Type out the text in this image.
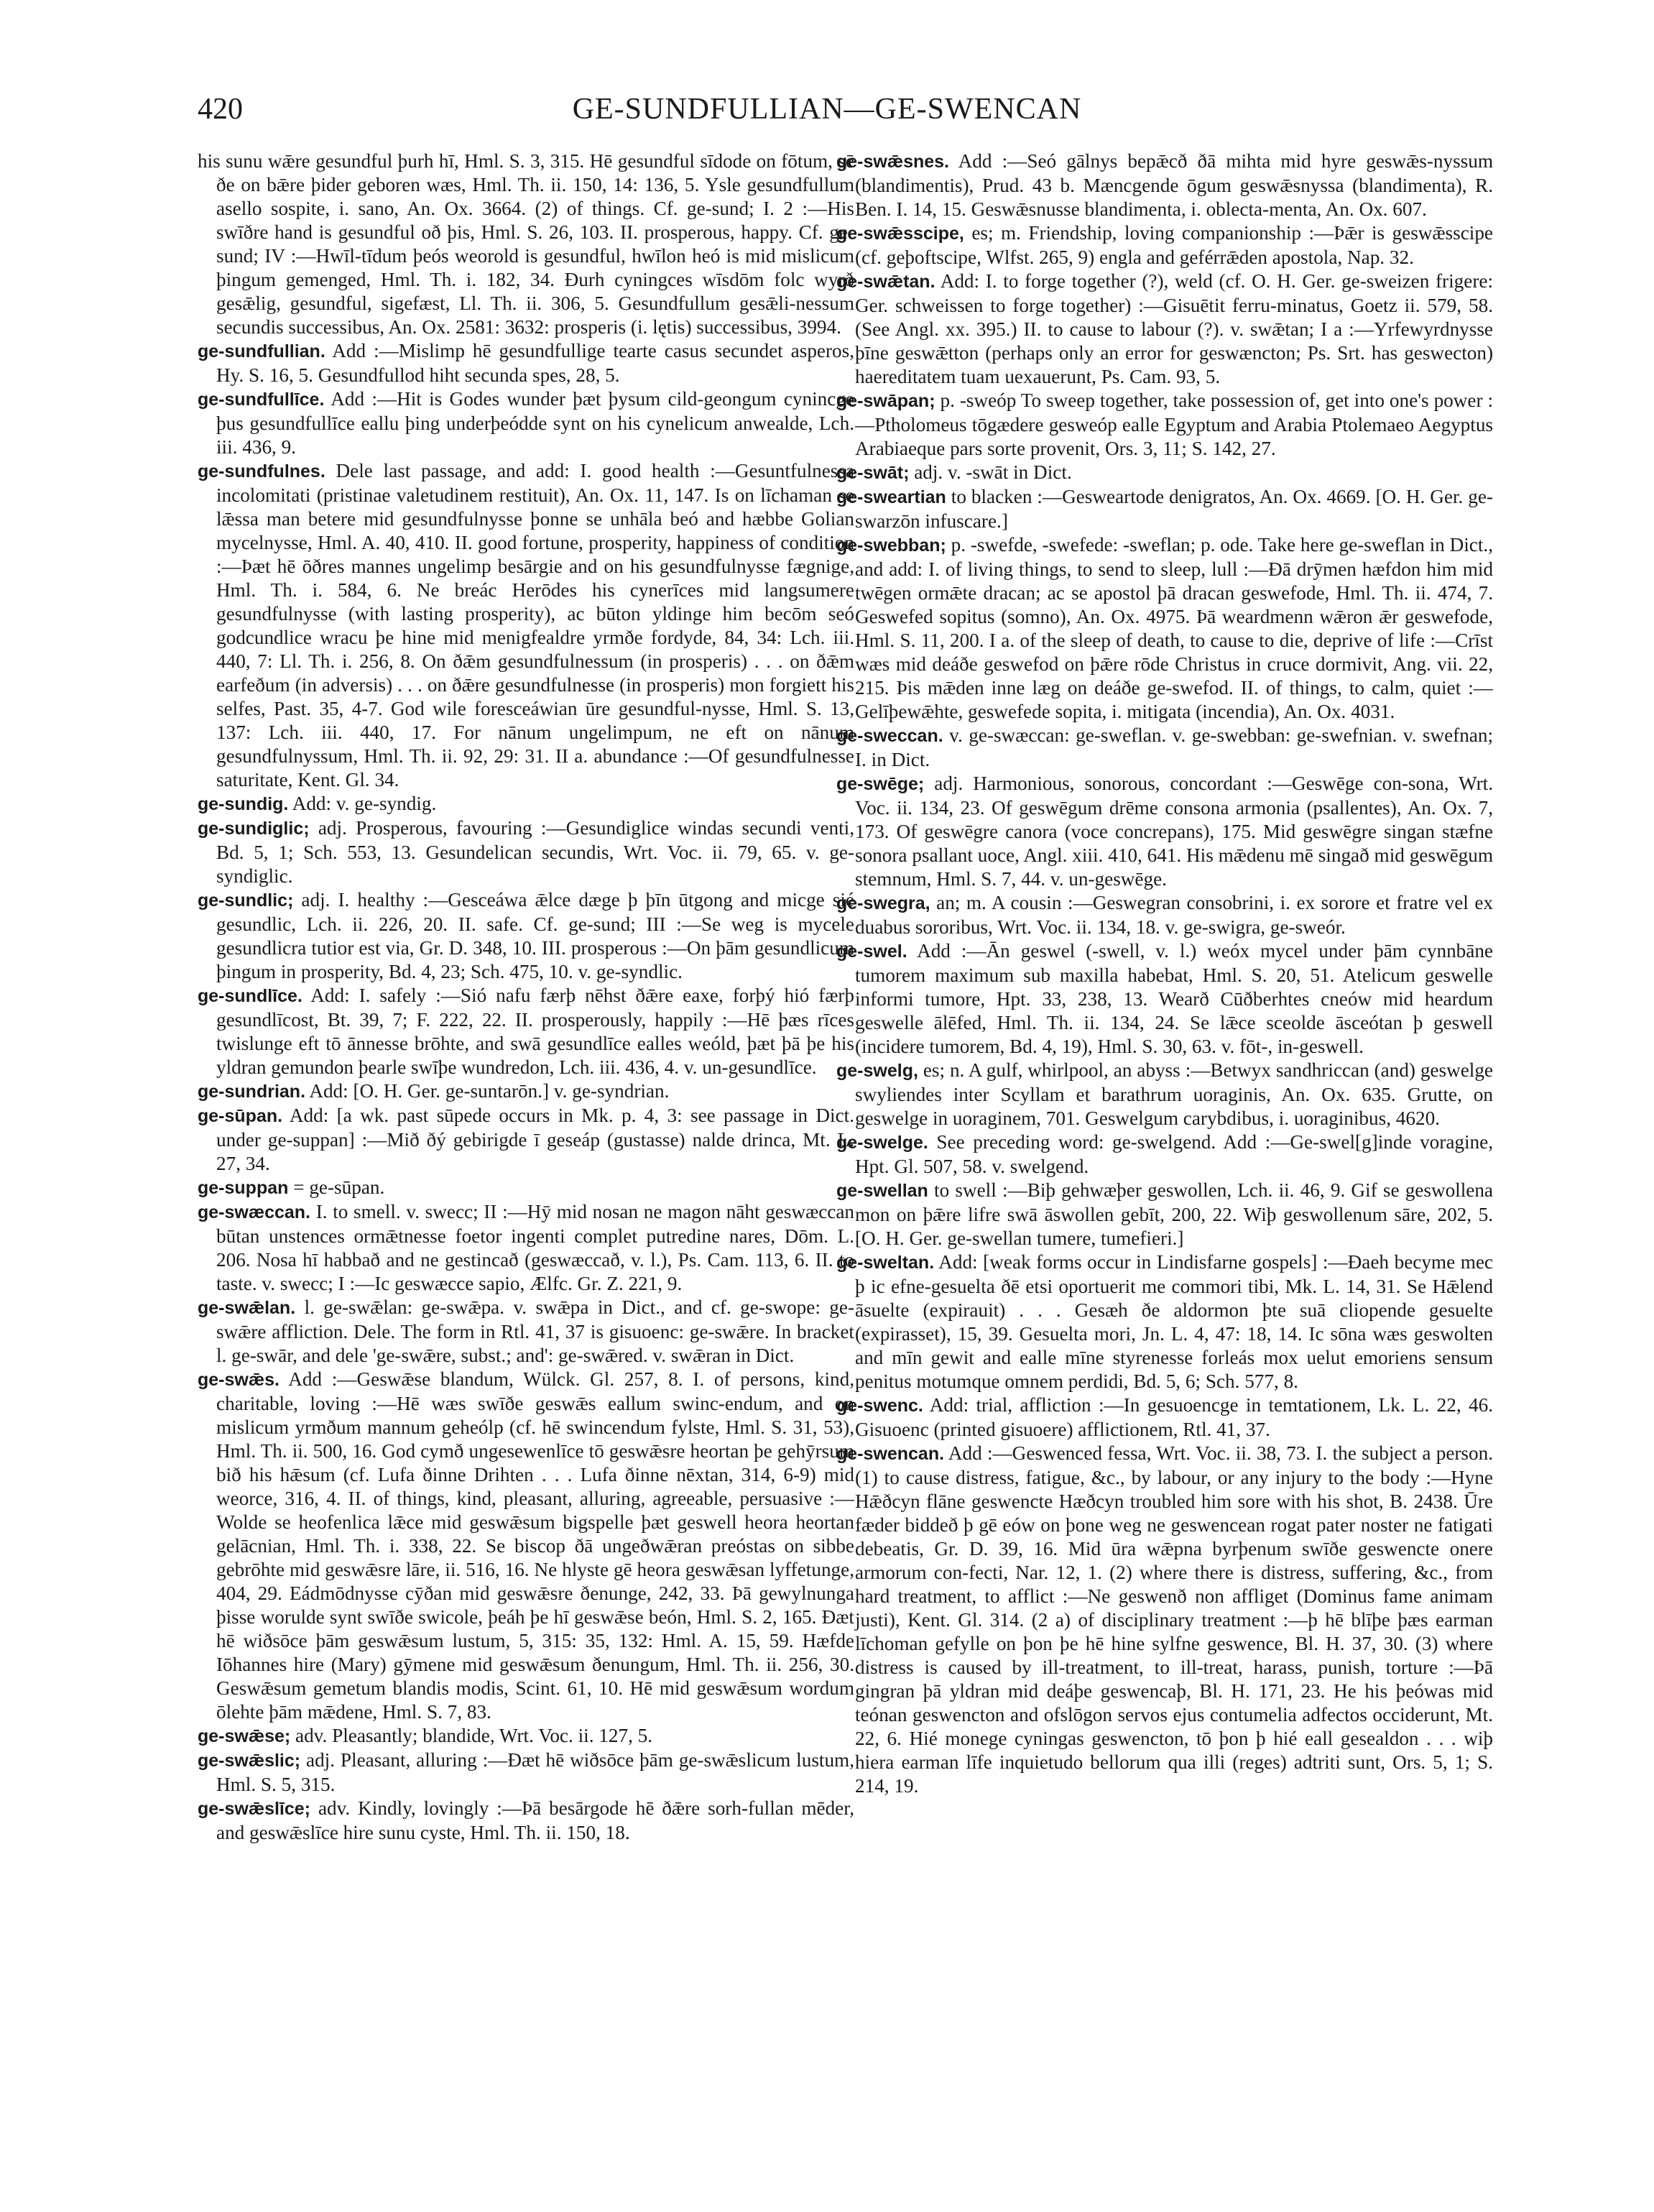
420	GE-SUNDFULLIAN—GE-SWENCAN

his sunu wǣre gesundful þurh hī, Hml. S. 3, 315. Hē gesundful sīdode on fōtum, sē ðe on bǣre þider geboren wæs, Hml. Th. ii. 150, 14: 136, 5. Ysle gesundfullum asello sospite, i. sano, An. Ox. 3664. (2) of things. Cf. ge-sund; I. 2 :—His swīðre hand is gesundful oð þis, Hml. S. 26, 103. II. prosperous, happy. Cf. ge-sund; IV :—Hwīl-tīdum þeós weorold is gesundful, hwīlon heó is mid mislicum þingum gemenged, Hml. Th. i. 182, 34. Ðurh cyningces wīsdōm folc wyrð gesǣlig, gesundful, sigefæst, Ll. Th. ii. 306, 5. Gesundfullum gesǣli-nessum secundis successibus, An. Ox. 2581: 3632: prosperis (i. lętis) successibus, 3994.

ge-sundfullian. Add :—Mislimp hē gesundfullige tearte casus secundet asperos, Hy. S. 16, 5. Gesundfullod hiht secunda spes, 28, 5.

ge-sundfullīce. Add :—Hit is Godes wunder þæt þysum cild-geongum cynincge þus gesundfullīce eallu þing underþeódde synt on his cynelicum anwealde, Lch. iii. 436, 9.

ge-sundfulnes. Dele last passage, and add: I. good health :—Gesuntfulnessa incolomitati (pristinae valetudinem restituit), An. Ox. 11, 147. Is on līchaman se lǣssa man betere mid gesundfulnysse þonne se unhāla beó and hæbbe Golian mycelnysse, Hml. A. 40, 410. II. good fortune, prosperity, happiness of condition :—Þæt hē ōðres mannes ungelimp besārgie and on his gesundfulnysse fægnige, Hml. Th. i. 584, 6. Ne breác Herōdes his cynerīces mid langsumere gesundfulnysse (with lasting prosperity), ac būton yldinge him becōm seó godcundlice wracu þe hine mid menigfealdre yrmðe fordyde, 84, 34: Lch. iii. 440, 7: Ll. Th. i. 256, 8. On ðǣm gesundfulnessum (in prosperis) . . . on ðǣm earfeðum (in adversis) . . . on ðǣre gesundfulnesse (in prosperis) mon forgiett his selfes, Past. 35, 4-7. God wile foresceáwian ūre gesundful-nysse, Hml. S. 13, 137: Lch. iii. 440, 17. For nānum ungelimpum, ne eft on nānum gesundfulnyssum, Hml. Th. ii. 92, 29: 31. II a. abundance :—Of gesundfulnesse saturitate, Kent. Gl. 34.

ge-sundig. Add: v. ge-syndig.

ge-sundiglic; adj. Prosperous, favouring :—Gesundiglice windas secundi venti, Bd. 5, 1; Sch. 553, 13. Gesundelican secundis, Wrt. Voc. ii. 79, 65. v. ge-syndiglic.

ge-sundlic; adj. I. healthy :—Gesceáwa ǣlce dæge þ þīn ūtgong and micge sié gesundlic, Lch. ii. 226, 20. II. safe. Cf. ge-sund; III :—Se weg is mycele gesundlicra tutior est via, Gr. D. 348, 10. III. prosperous :—On þām gesundlicum þingum in prosperity, Bd. 4, 23; Sch. 475, 10. v. ge-syndlic.

ge-sundlīce. Add: I. safely :—Sió nafu færþ nēhst ðǣre eaxe, forþý hió færþ gesundlīcost, Bt. 39, 7; F. 222, 22. II. prosperously, happily :—Hē þæs rīces twislunge eft tō ānnesse brōhte, and swā gesundlīce ealles weóld, þæt þā þe his yldran gemundon þearle swīþe wundredon, Lch. iii. 436, 4. v. un-gesundlīce.

ge-sundrian. Add: [O. H. Ger. ge-suntarōn.] v. ge-syndrian.

ge-sūpan. Add: [a wk. past sūpede occurs in Mk. p. 4, 3: see passage in Dict. under ge-suppan] :—Mið ðý gebirigde ī geseáp (gustasse) nalde drinca, Mt. L. 27, 34.

ge-suppan = ge-sūpan.

ge-swæccan. I. to smell. v. swecc; II :—Hȳ mid nosan ne magon nāht geswæccan būtan unstences ormǣtnesse foetor ingenti complet putredine nares, Dōm. L. 206. Nosa hī habbað and ne gestincað (geswæccað, v. l.), Ps. Cam. 113, 6. II. to taste. v. swecc; I :—Ic geswæcce sapio, Ælfc. Gr. Z. 221, 9.

ge-swǣlan. l. ge-swǣlan: ge-swǣpa. v. swǣpa in Dict., and cf. ge-swope: ge-swǣre affliction. Dele. The form in Rtl. 41, 37 is gisuoenc: ge-swǣre. In bracket l. ge-swār, and dele 'ge-swǣre, subst.; and': ge-swǣred. v. swǣran in Dict.

ge-swǣs. Add :—Geswǣse blandum, Wülck. Gl. 257, 8. I. of persons, kind, charitable, loving :—Hē wæs swīðe geswǣs eallum swinc-endum, and on mislicum yrmðum mannum geheólp (cf. hē swincendum fylste, Hml. S. 31, 53), Hml. Th. ii. 500, 16. God cymð ungesewenlīce tō geswǣsre heortan þe gehȳrsum bið his hǣsum (cf. Lufa ðinne Drihten . . . Lufa ðinne nēxtan, 314, 6-9) mid weorce, 316, 4. II. of things, kind, pleasant, alluring, agreeable, persuasive :—Wolde se heofenlica lǣce mid geswǣsum bigspelle þæt geswell heora heortan gelācnian, Hml. Th. i. 338, 22. Se biscop ðā ungeðwǣran preóstas on sibbe gebrōhte mid geswǣsre lāre, ii. 516, 16. Ne hlyste gē heora geswǣsan lyffetunge, 404, 29. Eádmōdnysse cȳðan mid geswǣsre ðenunge, 242, 33. Þā gewylnunga þisse worulde synt swīðe swicole, þeáh þe hī geswǣse beón, Hml. S. 2, 165. Ðæt hē wiðsōce þām geswǣsum lustum, 5, 315: 35, 132: Hml. A. 15, 59. Hæfde Iōhannes hire (Mary) gȳmene mid geswǣsum ðenungum, Hml. Th. ii. 256, 30. Geswǣsum gemetum blandis modis, Scint. 61, 10. Hē mid geswǣsum wordum ōlehte þām mǣdene, Hml. S. 7, 83.

ge-swǣse; adv. Pleasantly; blandide, Wrt. Voc. ii. 127, 5.

ge-swǣslic; adj. Pleasant, alluring :—Ðæt hē wiðsōce þām ge-swǣslicum lustum, Hml. S. 5, 315.

ge-swǣslīce; adv. Kindly, lovingly :—Þā besārgode hē ðǣre sorh-fullan mēder, and geswǣslīce hire sunu cyste, Hml. Th. ii. 150, 18.

ge-swǣsnes. Add :—Seó gālnys bepǣcð ðā mihta mid hyre geswǣs-nyssum (blandimentis), Prud. 43 b. Mæncgende ōgum geswǣsnyssa (blandimenta), R. Ben. I. 14, 15. Geswǣsnusse blandimenta, i. oblecta-menta, An. Ox. 607.

ge-swǣsscipe, es; m. Friendship, loving companionship :—Þǣr is geswǣsscipe (cf. geþoftscipe, Wlfst. 265, 9) engla and geférrǣden apostola, Nap. 32.

ge-swǣtan. Add: I. to forge together (?), weld (cf. O. H. Ger. ge-sweizen frigere: Ger. schweissen to forge together) :—Gisuētit ferru-minatus, Goetz ii. 579, 58. (See Angl. xx. 395.) II. to cause to labour (?). v. swǣtan; I a :—Yrfewyrdnysse þīne geswǣtton (perhaps only an error for geswæncton; Ps. Srt. has geswecton) haereditatem tuam uexauerunt, Ps. Cam. 93, 5.

ge-swāpan; p. -sweóp To sweep together, take possession of, get into one's power :—Ptholomeus tōgædere gesweóp ealle Egyptum and Arabia Ptolemaeo Aegyptus Arabiaeque pars sorte provenit, Ors. 3, 11; S. 142, 27.

ge-swāt; adj. v. -swāt in Dict.

ge-sweartian to blacken :—Gesweartode denigratos, An. Ox. 4669. [O. H. Ger. ge-swarzōn infuscare.]

ge-swebban; p. -swefde, -swefede: -sweflan; p. ode. Take here ge-sweflan in Dict., and add: I. of living things, to send to sleep, lull :—Ðā drȳmen hæfdon him mid twēgen ormǣte dracan; ac se apostol þā dracan geswefode, Hml. Th. ii. 474, 7. Geswefed sopitus (somno), An. Ox. 4975. Þā weardmenn wǣron ǣr geswefode, Hml. S. 11, 200. I a. of the sleep of death, to cause to die, deprive of life :—Crīst wæs mid deáðe geswefod on þǣre rōde Christus in cruce dormivit, Ang. vii. 22, 215. Þis mǣden inne læg on deáðe ge-swefod. II. of things, to calm, quiet :—Gelīþewǣhte, geswefede sopita, i. mitigata (incendia), An. Ox. 4031.

ge-sweccan. v. ge-swæccan: ge-sweflan. v. ge-swebban: ge-swefnian. v. swefnan; I. in Dict.

ge-swēge; adj. Harmonious, sonorous, concordant :—Geswēge con-sona, Wrt. Voc. ii. 134, 23. Of geswēgum drēme consona armonia (psallentes), An. Ox. 7, 173. Of geswēgre canora (voce concrepans), 175. Mid geswēgre singan stæfne sonora psallant uoce, Angl. xiii. 410, 641. His mǣdenu mē singað mid geswēgum stemnum, Hml. S. 7, 44. v. un-geswēge.

ge-swegra, an; m. A cousin :—Geswegran consobrini, i. ex sorore et fratre vel ex duabus sororibus, Wrt. Voc. ii. 134, 18. v. ge-swigra, ge-sweór.

ge-swel. Add :—Ān geswel (-swell, v. l.) weóx mycel under þām cynnbāne tumorem maximum sub maxilla habebat, Hml. S. 20, 51. Atelicum geswelle informi tumore, Hpt. 33, 238, 13. Wearð Cūðberhtes cneów mid heardum geswelle ālēfed, Hml. Th. ii. 134, 24. Se lǣce sceolde āsceótan þ geswell (incidere tumorem, Bd. 4, 19), Hml. S. 30, 63. v. fōt-, in-geswell.

ge-swelg, es; n. A gulf, whirlpool, an abyss :—Betwyx sandhriccan (and) geswelge swyliendes inter Scyllam et barathrum uoraginis, An. Ox. 635. Grutte, on geswelge in uoraginem, 701. Geswelgum carybdibus, i. uoraginibus, 4620.

ge-swelge. See preceding word: ge-swelgend. Add :—Ge-swel[g]inde voragine, Hpt. Gl. 507, 58. v. swelgend.

ge-swellan to swell :—Biþ gehwæþer geswollen, Lch. ii. 46, 9. Gif se geswollena mon on þǣre lifre swā āswollen gebīt, 200, 22. Wiþ geswollenum sāre, 202, 5. [O. H. Ger. ge-swellan tumere, tumefieri.]

ge-sweltan. Add: [weak forms occur in Lindisfarne gospels] :—Ðaeh becyme mec þ ic efne-gesuelta ðē etsi oportuerit me commori tibi, Mk. L. 14, 31. Se Hǣlend āsuelte (expirauit) . . . Gesæh ðe aldormon þte suā cliopende gesuelte (expirasset), 15, 39. Gesuelta mori, Jn. L. 4, 47: 18, 14. Ic sōna wæs geswolten and mīn gewit and ealle mīne styrenesse forleás mox uelut emoriens sensum penitus motumque omnem perdidi, Bd. 5, 6; Sch. 577, 8.

ge-swenc. Add: trial, affliction :—In gesuoencge in temtationem, Lk. L. 22, 46. Gisuoenc (printed gisuoere) afflictionem, Rtl. 41, 37.

ge-swencan. Add :—Geswenced fessa, Wrt. Voc. ii. 38, 73. I. the subject a person. (1) to cause distress, fatigue, &c., by labour, or any injury to the body :—Hyne Hǣðcyn flāne geswencte Hæðcyn troubled him sore with his shot, B. 2438. Ūre fæder biddeð þ gē eów on þone weg ne geswencean rogat pater noster ne fatigati debeatis, Gr. D. 39, 16. Mid ūra wǣpna byrþenum swīðe geswencte onere armorum con-fecti, Nar. 12, 1. (2) where there is distress, suffering, &c., from hard treatment, to afflict :—Ne geswenð non affliget (Dominus fame animam justi), Kent. Gl. 314. (2 a) of disciplinary treatment :—þ hē blīþe þæs earman līchoman gefylle on þon þe hē hine sylfne geswence, Bl. H. 37, 30. (3) where distress is caused by ill-treatment, to ill-treat, harass, punish, torture :—Þā gingran þā yldran mid deáþe geswencaþ, Bl. H. 171, 23. He his þeówas mid teónan geswencton and ofslōgon servos ejus contumelia adfectos occiderunt, Mt. 22, 6. Hié monege cyningas geswencton, tō þon þ hié eall gesealdon . . . wiþ hiera earman līfe inquietudo bellorum qua illi (reges) adtriti sunt, Ors. 5, 1; S. 214, 19.
